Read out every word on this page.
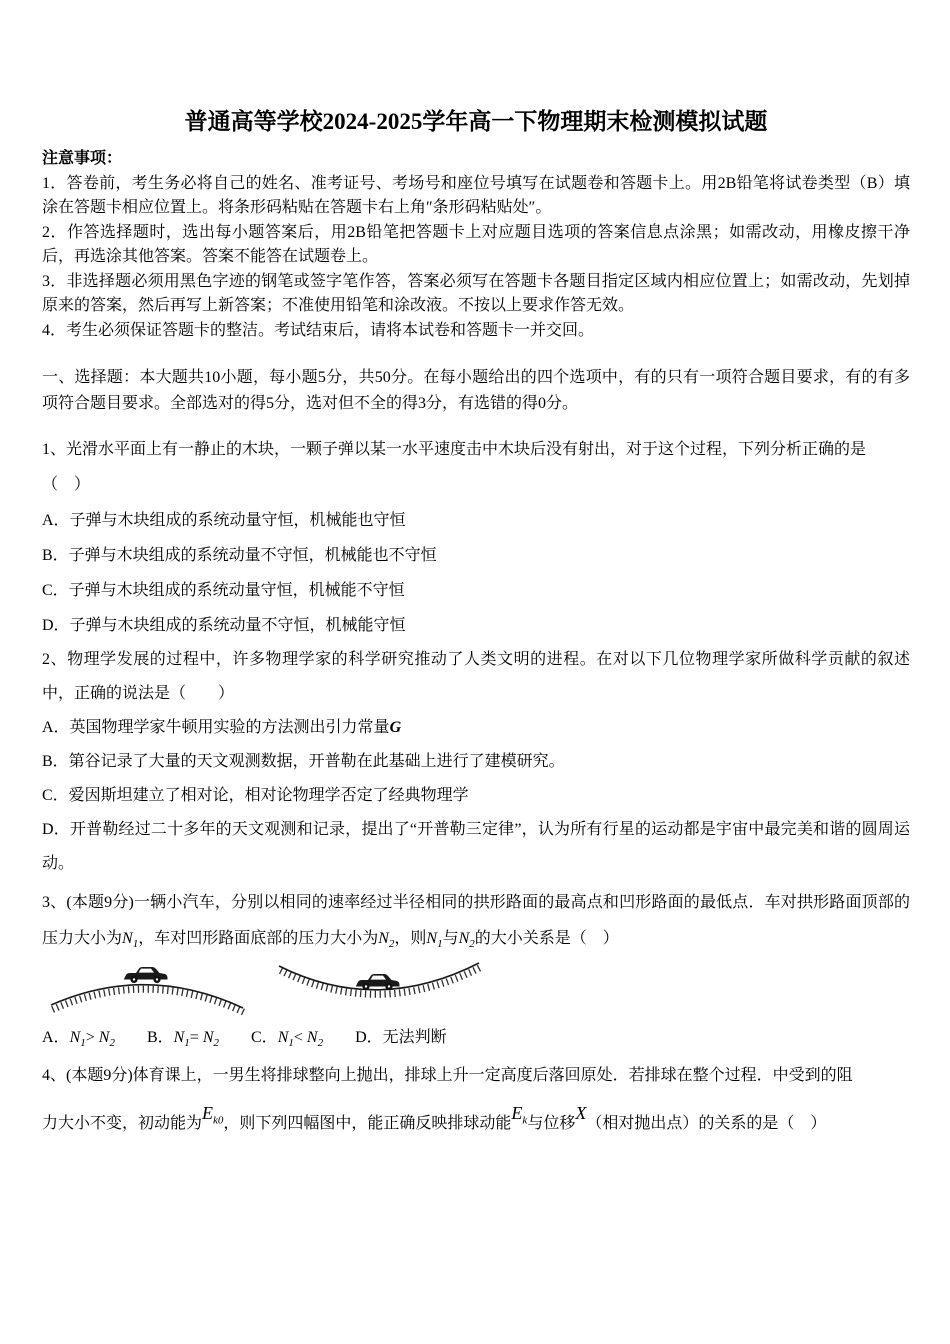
普通高等学校2024-2025学年高一下物理期末检测模拟试题

注意事项：

1．答卷前，考生务必将自己的姓名、准考证号、考场号和座位号填写在试题卷和答题卡上。用2B铅笔将试卷类型（B）填涂在答题卡相应位置上。将条形码粘贴在答题卡右上角″条形码粘贴处″。

2．作答选择题时，选出每小题答案后，用2B铅笔把答题卡上对应题目选项的答案信息点涂黑；如需改动，用橡皮擦干净后，再选涂其他答案。答案不能答在试题卷上。

3．非选择题必须用黑色字迹的钢笔或签字笔作答，答案必须写在答题卡各题目指定区域内相应位置上；如需改动，先划掉原来的答案，然后再写上新答案；不准使用铅笔和涂改液。不按以上要求作答无效。

4．考生必须保证答题卡的整洁。考试结束后，请将本试卷和答题卡一并交回。

一、选择题：本大题共10小题，每小题5分，共50分。在每小题给出的四个选项中，有的只有一项符合题目要求，有的有多项符合题目要求。全部选对的得5分，选对但不全的得3分，有选错的得0分。

1、光滑水平面上有一静止的木块，一颗子弹以某一水平速度击中木块后没有射出，对于这个过程，下列分析正确的是

（　）

A．子弹与木块组成的系统动量守恒，机械能也守恒

B．子弹与木块组成的系统动量不守恒，机械能也不守恒

C．子弹与木块组成的系统动量守恒，机械能不守恒

D．子弹与木块组成的系统动量不守恒，机械能守恒

2、物理学发展的过程中，许多物理学家的科学研究推动了人类文明的进程。在对以下几位物理学家所做科学贡献的叙述中，正确的说法是（　　）

A．英国物理学家牛顿用实验的方法测出引力常量G

B．第谷记录了大量的天文观测数据，开普勒在此基础上进行了建模研究。

C．爱因斯坦建立了相对论，相对论物理学否定了经典物理学

D．开普勒经过二十多年的天文观测和记录，提出了“开普勒三定律”，认为所有行星的运动都是宇宙中最完美和谐的圆周运动。

3、(本题9分)一辆小汽车，分别以相同的速率经过半径相同的拱形路面的最高点和凹形路面的最低点．车对拱形路面顶部的压力大小为$N_1$，车对凹形路面底部的压力大小为$N_2$，则$N_1$与$N_2$的大小关系是（　）

A．$N_1> N_2$　　B．$N_1= N_2$　　C．$N_1< N_2$　　D．无法判断

4、(本题9分)体育课上，一男生将排球整向上抛出，排球上升一定高度后落回原处．若排球在整个过程．中受到的阻

力大小不变，初动能为$E_{k0}$，则下列四幅图中，能正确反映排球动能$E_k$与位移X（相对抛出点）的关系的是（　）
